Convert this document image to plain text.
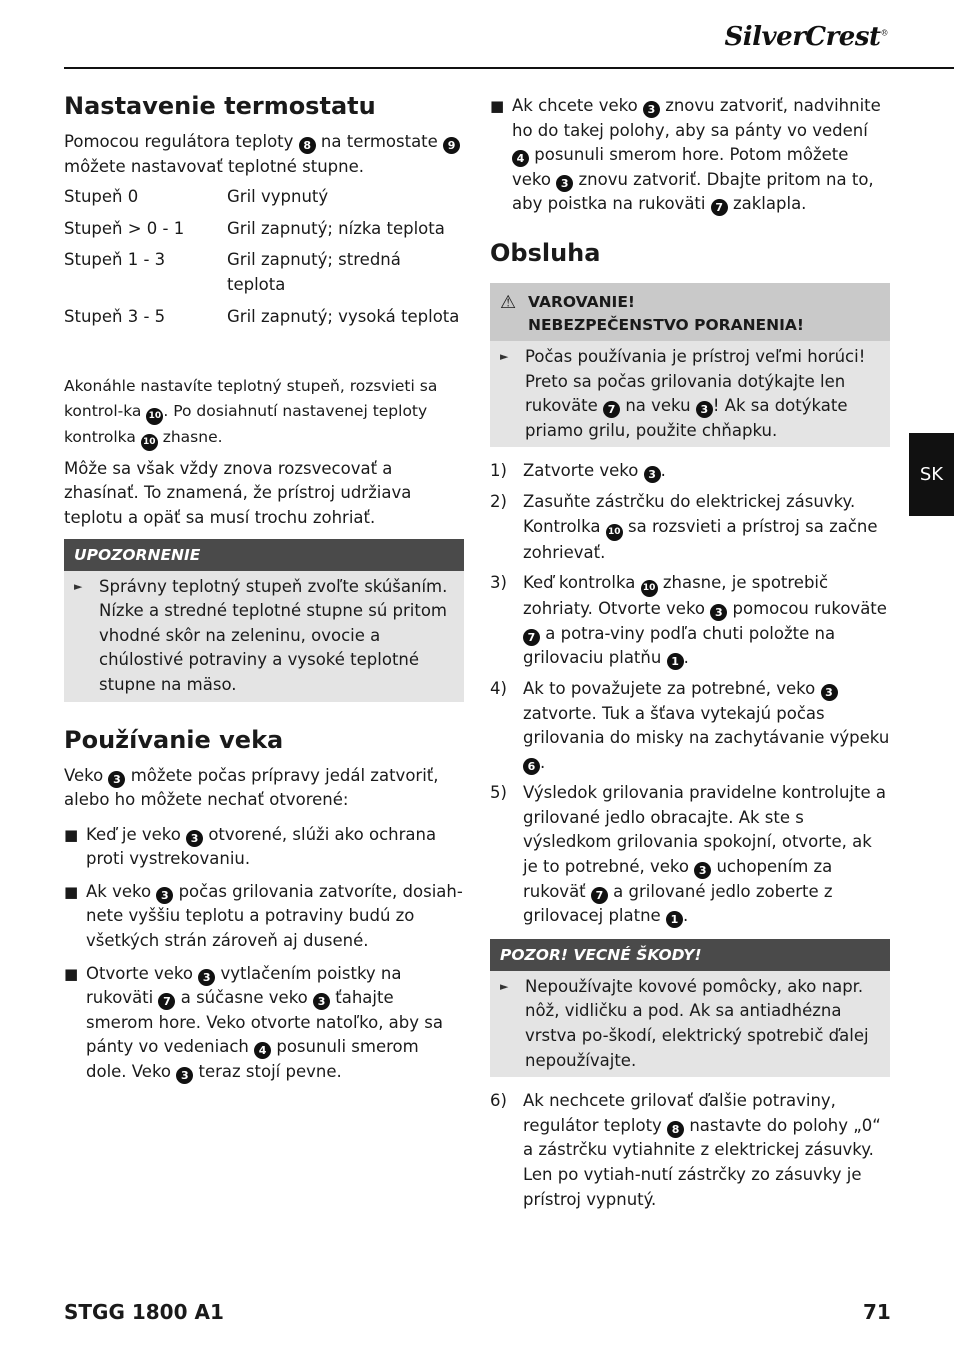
SilverCrest®
Nastavenie termostatu

Pomocou regulátora teploty 8 na termostate 9 môžete nastavovať teplotné stupne.

Stupeň 0	Gril vypnutý
Stupeň > 0 - 1	Gril zapnutý; nízka teplota
Stupeň 1 - 3	Gril zapnutý; stredná teplota
Stupeň 3 - 5	Gril zapnutý; vysoká teplota

Akonáhle nastavíte teplotný stupeň, rozsvieti sa kontrol-ka 10 . Po dosiahnutí nastavenej teploty kontrolka 10 zhasne.

Môže sa však vždy znova rozsvecovať a zhasínať. To znamená, že prístroj udržiava teplotu a opäť sa musí trochu zohriať.

UPOZORNENIE
►	Správny teplotný stupeň zvoľte skúšaním. Nízke a stredné teplotné stupne sú pritom vhodné skôr na zeleninu, ovocie a chúlostivé potraviny a vysoké teplotné stupne na mäso.
Používanie veka

Veko 3 môžete počas prípravy jedál zatvoriť, alebo ho môžete nechať otvorené:

■ Keď je veko 3 otvorené, slúži ako ochrana proti vystrekovaniu.
■ Ak veko 3 počas grilovania zatvoríte, dosiah-nete vyššiu teplotu a potraviny budú zo všetkých strán zároveň aj dusené.
■ Otvorte veko 3 vytlačením poistky na rukoväti 7 a súčasne veko 3 ťahajte smerom hore. Veko otvorte natoľko, aby sa pánty vo vedeniach 4 posunuli smerom dole. Veko 3 teraz stojí pevne.
■ Ak chcete veko 3 znovu zatvoriť, nadvihnite ho do takej polohy, aby sa pánty vo vedení 4 posunuli smerom hore. Potom môžete veko 3 znovu zatvoriť. Dbajte pritom na to, aby poistka na rukoväti 7 zaklapla.
Obsluha
⚠ VAROVANIE!
NEBEZPEČENSTVO PORANENIA!
►	Počas používania je prístroj veľmi horúci! Preto sa počas grilovania dotýkajte len rukoväte 7 na veku 3 ! Ak sa dotýkate priamo grilu, použite chňapku.
1) Zatvorte veko 3 .
2) Zasuňte zástrčku do elektrickej zásuvky. Kontrolka 10 sa rozsvieti a prístroj sa začne zohrievať.
3) Keď kontrolka 10 zhasne, je spotrebič zohriaty. Otvorte veko 3 pomocou rukoväte 7 a potra-viny podľa chuti položte na grilovaciu platňu 1 .
4) Ak to považujete za potrebné, veko 3 zatvorte. Tuk a šťava vytekajú počas grilovania do misky na zachytávanie výpeku 6 .
5) Výsledok grilovania pravidelne kontrolujte a grilované jedlo obracajte. Ak ste s výsledkom grilovania spokojní, otvorte, ak je to potrebné, veko 3 uchopením za rukoväť 7 a grilované jedlo zoberte z grilovacej platne 1 .
POZOR! VECNÉ ŠKODY!
►	Nepoužívajte kovové pomôcky, ako napr. nôž, vidličku a pod. Ak sa antiadhézna vrstva po-škodí, elektrický spotrebič ďalej nepoužívajte.
6) Ak nechcete grilovať ďalšie potraviny, regulátor teploty 8 nastavte do polohy „0“ a zástrčku vytiahnite z elektrickej zásuvky. Len po vytiah-nutí zástrčky zo zásuvky je prístroj vypnutý.
SK
STGG 1800 A1	71
